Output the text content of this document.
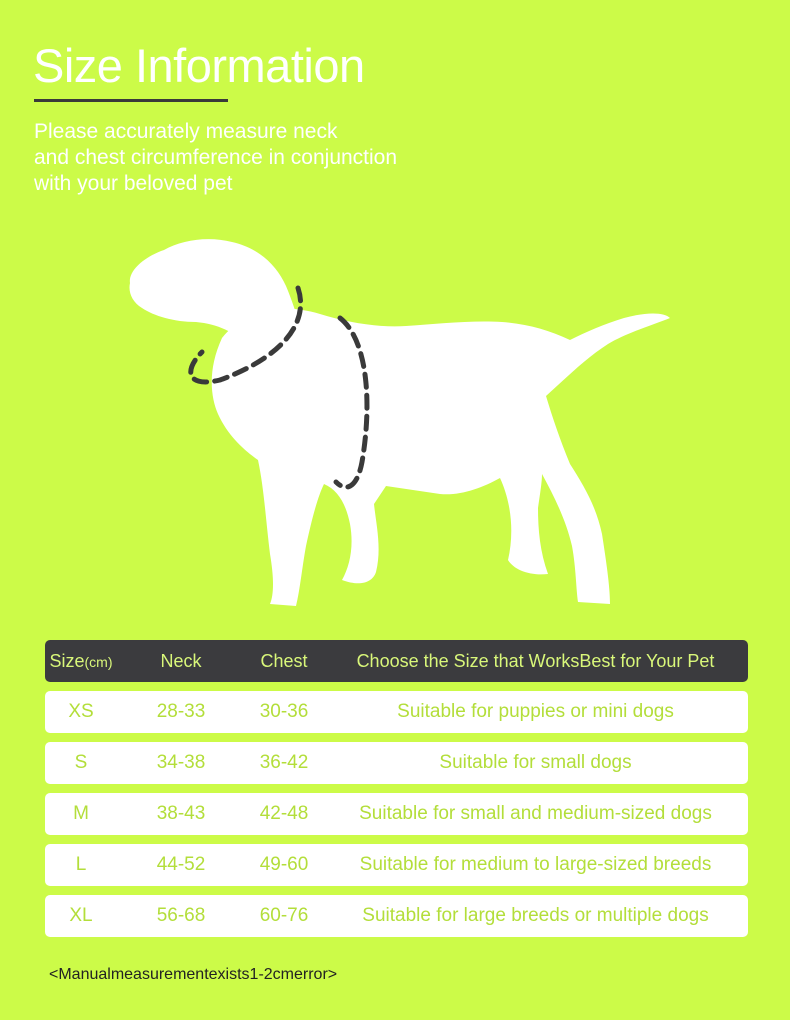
Size Information
Please accurately measure neck
and chest circumference in conjunction
with your beloved pet
Size(cm)	Neck	Chest	Choose the Size that WorksBest for Your Pet
XS	28-33	30-36	Suitable for puppies or mini dogs
S	34-38	36-42	Suitable for small dogs
M	38-43	42-48	Suitable for small and medium-sized dogs
L	44-52	49-60	Suitable for medium to large-sized breeds
XL	56-68	60-76	Suitable for large breeds or multiple dogs
<Manualmeasurementexists1-2cmerror>
